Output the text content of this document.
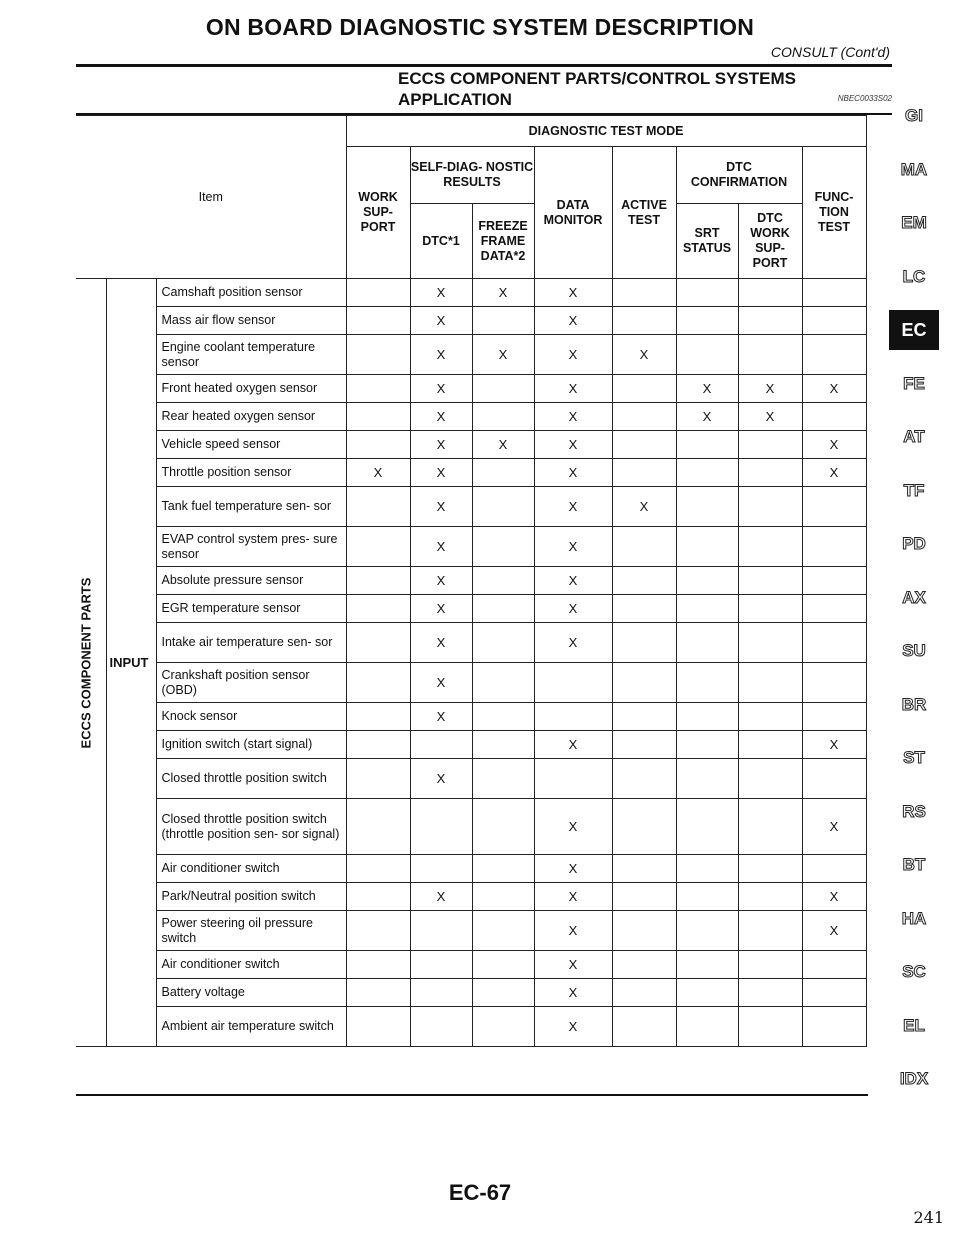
ON BOARD DIAGNOSTIC SYSTEM DESCRIPTION
CONSULT (Cont'd)
ECCS COMPONENT PARTS/CONTROL SYSTEMS
APPLICATION	NBEC0033S02
Item			DIAGNOSTIC TEST MODE							
			WORK SUP- PORT	SELF-DIAG- NOSTIC RESULTS		DATA MONITOR	ACTIVE TEST	DTC CONFIRMATION		FUNC- TION TEST
				DTC*1	FREEZE FRAME DATA*2			SRT STATUS	DTC WORK SUP- PORT	

ECCS COMPONENT PARTS	INPUT	Camshaft position sensor		X	X	X				
		Mass air flow sensor		X		X				
		Engine coolant temperature sensor		X	X	X	X			
		Front heated oxygen sensor		X		X		X	X	X
		Rear heated oxygen sensor		X		X		X	X	
		Vehicle speed sensor		X	X	X				X
		Throttle position sensor	X	X		X				X
		Tank fuel temperature sen- sor		X		X	X			
		EVAP control system pres- sure sensor		X		X				
		Absolute pressure sensor		X		X				
		EGR temperature sensor		X		X				
		Intake air temperature sen- sor		X		X				
		Crankshaft position sensor (OBD)		X						
		Knock sensor		X						
		Ignition switch (start signal)				X				X
		Closed throttle position switch		X						
		Closed throttle position switch (throttle position sen- sor signal)				X				X
		Air conditioner switch				X				
		Park/Neutral position switch		X		X				X
		Power steering oil pressure switch				X				X
		Air conditioner switch				X				
		Battery voltage				X				
		Ambient air temperature switch				X				
GI
MA
EM
LC
EC
FE
AT
TF
PD
AX
SU
BR
ST
RS
BT
HA
SC
EL
IDX
EC-67
241
